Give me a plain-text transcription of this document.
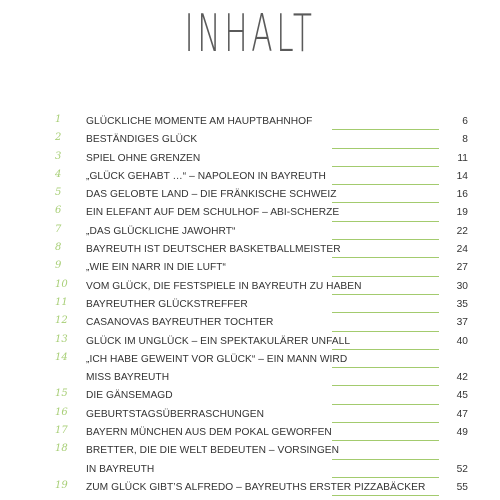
INHALT
1 GLÜCKLICHE MOMENTE AM HAUPTBAHNHOF	6
2 BESTÄNDIGES GLÜCK	8
3 SPIEL OHNE GRENZEN	11
4 „GLÜCK GEHABT …“ – NAPOLEON IN BAYREUTH	14
5 DAS GELOBTE LAND – DIE FRÄNKISCHE SCHWEIZ	16
6 EIN ELEFANT AUF DEM SCHULHOF – ABI-SCHERZE	19
7 „DAS GLÜCKLICHE JAWOHRT“	22
8 BAYREUTH IST DEUTSCHER BASKETBALLMEISTER	24
9 „WIE EIN NARR IN DIE LUFT“	27
10 VOM GLÜCK, DIE FESTSPIELE IN BAYREUTH ZU HABEN	30
11 BAYREUTHER GLÜCKSTREFFER	35
12 CASANOVAS BAYREUTHER TOCHTER	37
13 GLÜCK IM UNGLÜCK – EIN SPEKTAKULÄRER UNFALL	40
14 „ICH HABE GEWEINT VOR GLÜCK“ – EIN MANN WIRD
MISS BAYREUTH	42
15 DIE GÄNSEMAGD	45
16 GEBURTSTAGSÜBERRASCHUNGEN	47
17 BAYERN MÜNCHEN AUS DEM POKAL GEWORFEN	49
18 BRETTER, DIE DIE WELT BEDEUTEN – VORSINGEN
IN BAYREUTH	52
19 ZUM GLÜCK GIBT’S ALFREDO – BAYREUTHS ERSTER PIZZABÄCKER	55
